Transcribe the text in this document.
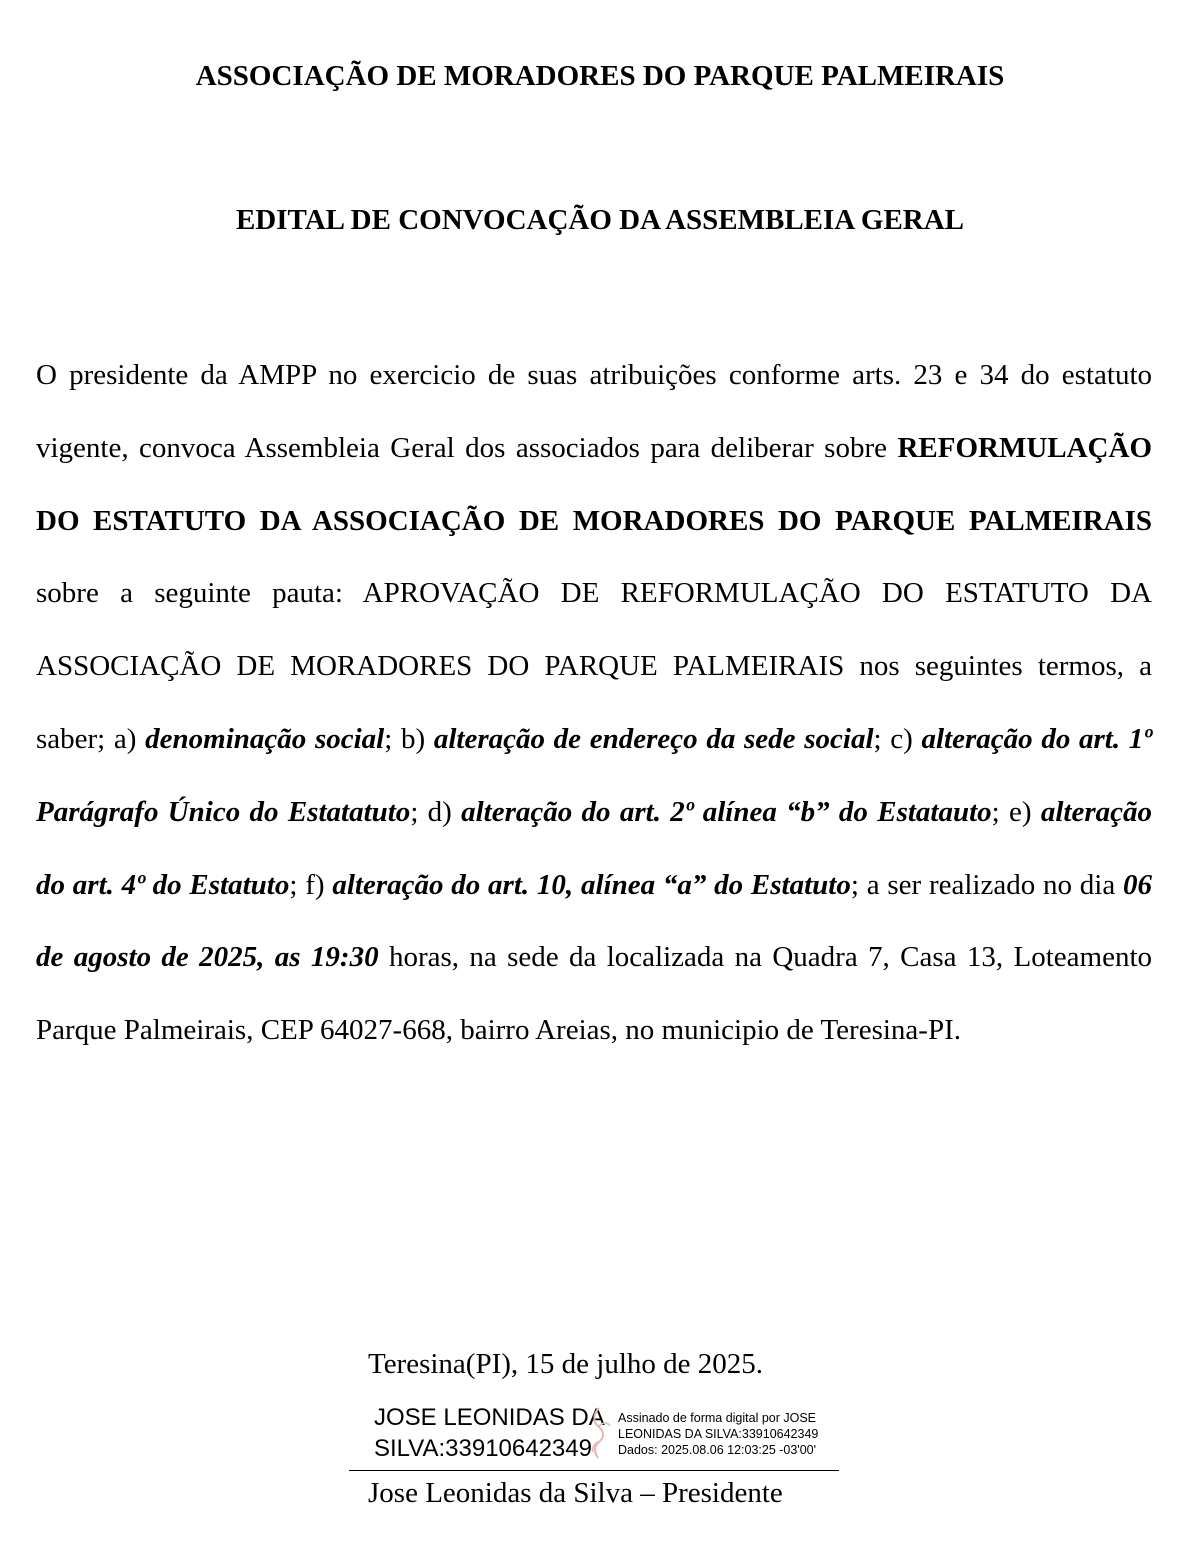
ASSOCIAÇÃO DE MORADORES DO PARQUE PALMEIRAIS
EDITAL DE CONVOCAÇÃO DA ASSEMBLEIA GERAL

O presidente da AMPP no exercicio de suas atribuições conforme arts. 23 e 34 do estatuto vigente, convoca Assembleia Geral dos associados para deliberar sobre REFORMULAÇÃO DO ESTATUTO DA ASSOCIAÇÃO DE MORADORES DO PARQUE PALMEIRAIS sobre a seguinte pauta: APROVAÇÃO DE REFORMULAÇÃO DO ESTATUTO DA ASSOCIAÇÃO DE MORADORES DO PARQUE PALMEIRAIS nos seguintes termos, a saber; a) denominação social; b) alteração de endereço da sede social; c) alteração do art. 1º Parágrafo Único do Estatatuto; d) alteração do art. 2º alínea “b” do Estatauto; e) alteração do art. 4º do Estatuto; f) alteração do art. 10, alínea “a” do Estatuto; a ser realizado no dia 06 de agosto de 2025, as 19:30 horas, na sede da localizada na Quadra 7, Casa 13, Loteamento Parque Palmeirais, CEP 64027-668, bairro Areias, no municipio de Teresina-PI.

Teresina(PI), 15 de julho de 2025.
JOSE LEONIDAS DA
SILVA:33910642349
Assinado de forma digital por JOSE
LEONIDAS DA SILVA:33910642349
Dados: 2025.08.06 12:03:25 -03'00'
Jose Leonidas da Silva – Presidente
